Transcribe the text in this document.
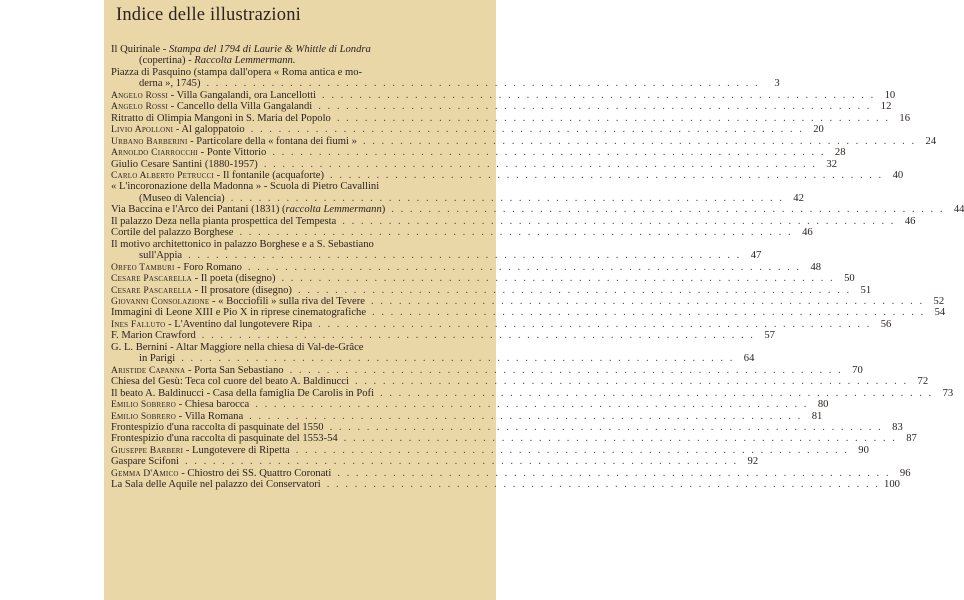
Indice delle illustrazioni
Il Quirinale - Stampa del 1794 di Laurie & Whittle di Londra
(copertina) - Raccolta Lemmermann.
Piazza di Pasquino (stampa dall'opera « Roma antica e mo-
derna », 1745) . . . . . . . . . . . . . . . . . . . . . . . . . . . . . . . . . . . . . . . . . . . . . . . . . . . . . . . . . . . .	3
Angelo Rossi - Villa Gangalandi, ora Lancellotti . . . . . . . . . . . . . . . . . . . . . . . . . . . . . . . . . . . . . . . . . . . . . . . . . . . . . . . . . . . . 10
Angelo Rossi - Cancello della Villa Gangalandi . . . . . . . . . . . . . . . . . . . . . . . . . . . . . . . . . . . . . . . . . . . . . . . . . . . . . . . . . . . . 12
Ritratto di Olimpia Mangoni in S. Maria del Popolo . . . . . . . . . . . . . . . . . . . . . . . . . . . . . . . . . . . . . . . . . . . . . . . . . . . . . . . . . . . . 16
Livio Apolloni - Al galoppatoio . . . . . . . . . . . . . . . . . . . . . . . . . . . . . . . . . . . . . . . . . . . . . . . . . . . . . . . . . . . . 20
Urbano Barberini - Particolare della « fontana dei fiumi » . . . . . . . . . . . . . . . . . . . . . . . . . . . . . . . . . . . . . . . . . . . . . . . . . . . . . . . . . . . . 24
Arnoldo Ciarrocchi - Ponte Vittorio . . . . . . . . . . . . . . . . . . . . . . . . . . . . . . . . . . . . . . . . . . . . . . . . . . . . . . . . . . . . 28
Giulio Cesare Santini (1880-1957) . . . . . . . . . . . . . . . . . . . . . . . . . . . . . . . . . . . . . . . . . . . . . . . . . . . . . . . . . . . . 32
Carlo Alberto Petrucci - Il fontanile (acquaforte) . . . . . . . . . . . . . . . . . . . . . . . . . . . . . . . . . . . . . . . . . . . . . . . . . . . . . . . . . . . . 40
« L'incoronazione della Madonna » - Scuola di Pietro Cavallini
(Museo di Valencia) . . . . . . . . . . . . . . . . . . . . . . . . . . . . . . . . . . . . . . . . . . . . . . . . . . . . . . . . . . . . 42
Via Baccina e l'Arco dei Pantani (1831) (raccolta Lemmermann) . . . . . . . . . . . . . . . . . . . . . . . . . . . . . . . . . . . . . . . . . . . . . . . . . . . . . . . . . . . . 44
Il palazzo Deza nella pianta prospettica del Tempesta . . . . . . . . . . . . . . . . . . . . . . . . . . . . . . . . . . . . . . . . . . . . . . . . . . . . . . . . . . . . 46
Cortile del palazzo Borghese . . . . . . . . . . . . . . . . . . . . . . . . . . . . . . . . . . . . . . . . . . . . . . . . . . . . . . . . . . . . 46
Il motivo architettonico in palazzo Borghese e a S. Sebastiano
sull'Appia . . . . . . . . . . . . . . . . . . . . . . . . . . . . . . . . . . . . . . . . . . . . . . . . . . . . . . . . . . . . 47
Orfeo Tamburi - Foro Romano . . . . . . . . . . . . . . . . . . . . . . . . . . . . . . . . . . . . . . . . . . . . . . . . . . . . . . . . . . . . 48
Cesare Pascarella - Il poeta (disegno) . . . . . . . . . . . . . . . . . . . . . . . . . . . . . . . . . . . . . . . . . . . . . . . . . . . . . . . . . . . . 50
Cesare Pascarella - Il prosatore (disegno) . . . . . . . . . . . . . . . . . . . . . . . . . . . . . . . . . . . . . . . . . . . . . . . . . . . . . . . . . . . . 51
Giovanni Consolazione - « Bocciofili » sulla riva del Tevere . . . . . . . . . . . . . . . . . . . . . . . . . . . . . . . . . . . . . . . . . . . . . . . . . . . . . . . . . . . . 52
Immagini di Leone XIII e Pio X in riprese cinematografiche . . . . . . . . . . . . . . . . . . . . . . . . . . . . . . . . . . . . . . . . . . . . . . . . . . . . . . . . . . . . 54
Ines Falluto - L'Aventino dal lungotevere Ripa . . . . . . . . . . . . . . . . . . . . . . . . . . . . . . . . . . . . . . . . . . . . . . . . . . . . . . . . . . . . 56
F. Marion Crawford . . . . . . . . . . . . . . . . . . . . . . . . . . . . . . . . . . . . . . . . . . . . . . . . . . . . . . . . . . . . 57
G. L. Bernini - Altar Maggiore nella chiesa di Val-de-Grâce
in Parigi . . . . . . . . . . . . . . . . . . . . . . . . . . . . . . . . . . . . . . . . . . . . . . . . . . . . . . . . . . . . 64
Aristide Capanna - Porta San Sebastiano . . . . . . . . . . . . . . . . . . . . . . . . . . . . . . . . . . . . . . . . . . . . . . . . . . . . . . . . . . . . 70
Chiesa del Gesù: Teca col cuore del beato A. Baldinucci . . . . . . . . . . . . . . . . . . . . . . . . . . . . . . . . . . . . . . . . . . . . . . . . . . . . . . . . . . . . 72
Il beato A. Baldinucci - Casa della famiglia De Carolis in Pofi . . . . . . . . . . . . . . . . . . . . . . . . . . . . . . . . . . . . . . . . . . . . . . . . . . . . . . . . . . . . 73
Emilio Sobrero - Chiesa barocca . . . . . . . . . . . . . . . . . . . . . . . . . . . . . . . . . . . . . . . . . . . . . . . . . . . . . . . . . . . . 80
Emilio Sobrero - Villa Romana . . . . . . . . . . . . . . . . . . . . . . . . . . . . . . . . . . . . . . . . . . . . . . . . . . . . . . . . . . . . 81
Frontespizio d'una raccolta di pasquinate del 1550 . . . . . . . . . . . . . . . . . . . . . . . . . . . . . . . . . . . . . . . . . . . . . . . . . . . . . . . . . . . . 83
Frontespizio d'una raccolta di pasquinate del 1553-54 . . . . . . . . . . . . . . . . . . . . . . . . . . . . . . . . . . . . . . . . . . . . . . . . . . . . . . . . . . . . 87
Giuseppe Barberi - Lungotevere di Ripetta . . . . . . . . . . . . . . . . . . . . . . . . . . . . . . . . . . . . . . . . . . . . . . . . . . . . . . . . . . . . 90
Gaspare Scifoni . . . . . . . . . . . . . . . . . . . . . . . . . . . . . . . . . . . . . . . . . . . . . . . . . . . . . . . . . . . . 92
Gemma D'Amico - Chiostro dei SS. Quattro Coronati . . . . . . . . . . . . . . . . . . . . . . . . . . . . . . . . . . . . . . . . . . . . . . . . . . . . . . . . . . . . 96
La Sala delle Aquile nel palazzo dei Conservatori . . . . . . . . . . . . . . . . . . . . . . . . . . . . . . . . . . . . . . . . . . . . . . . . . . . . . . . . . . . . 100
